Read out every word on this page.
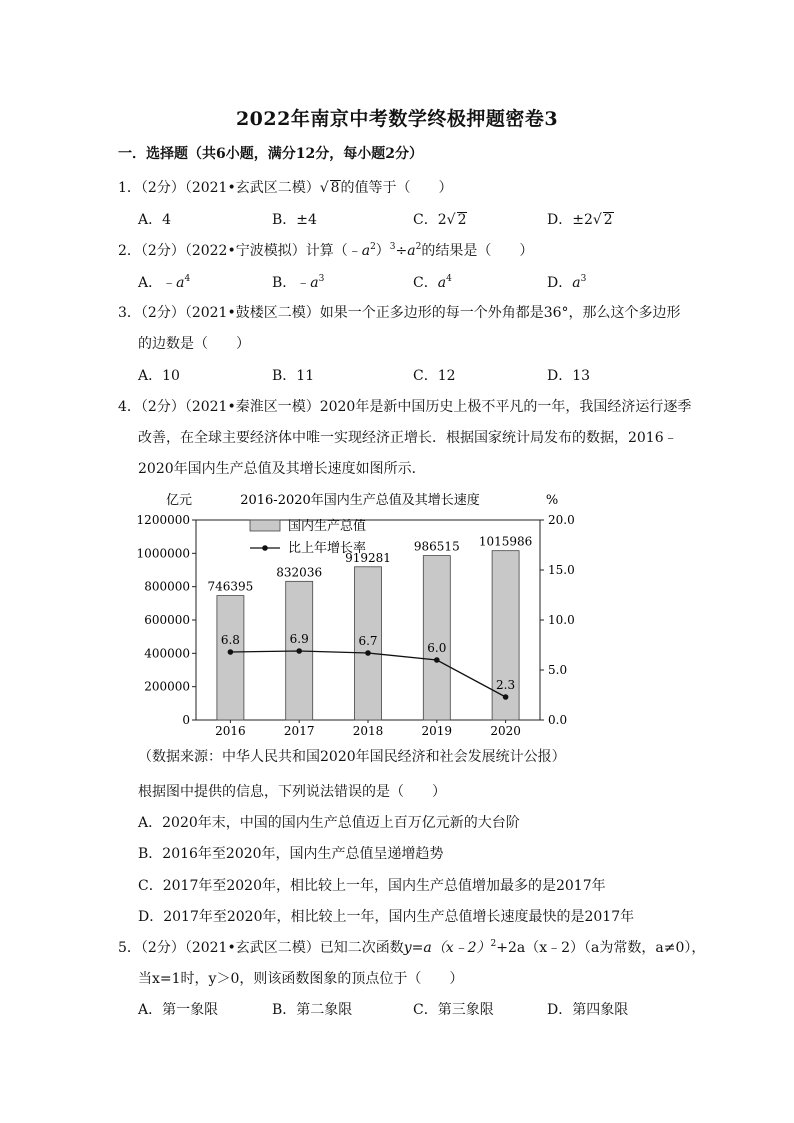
2022年南京中考数学终极押题密卷3
一．选择题（共6小题，满分12分，每小题2分）
1．（2分）（2021•玄武区二模）√ 8的值等于（　　）
A．4	B．±4	C．2√ 2	D．±2√ 2
2．（2分）（2022•宁波模拟）计算$(﹣a^2)^3\div a^2$的结果是（　　）
A．$﹣a^4$	B．$﹣a^3$	C．$a^4$	D．$a^3$
3．（2分）（2021•鼓楼区二模）如果一个正多边形的每一个外角都是36°，那么这个多边形
的边数是（　　）
A．10	B．11	C．12	D．13
4．（2分）（2021•秦淮区一模）2020年是新中国历史上极不平凡的一年，我国经济运行逐季
改善，在全球主要经济体中唯一实现经济正增长．根据国家统计局发布的数据，2016﹣
2020年国内生产总值及其增长速度如图所示．
亿元	2016-2020年国内生产总值及其增长速度	%
0
200000
400000
600000
800000
1000000
1200000
0.0
5.0
10.0
15.0
20.0
2016	2017	2018	2019	2020
746395
832036
919281
986515 1015986
6.8	6.9	6.7	6.0
2.3
国内生产总值
比上年增长率
（数据来源：中华人民共和国2020年国民经济和社会发展统计公报）
根据图中提供的信息，下列说法错误的是（　　）
A．2020年末，中国的国内生产总值迈上百万亿元新的大台阶
B．2016年至2020年，国内生产总值呈递增趋势
C．2017年至2020年，相比较上一年，国内生产总值增加最多的是2017年
D．2017年至2020年，相比较上一年，国内生产总值增长速度最快的是2017年
5．（2分）（2021•玄武区二模）已知二次函数y=a（x﹣2）$^2$+2a（x﹣2）（a为常数，a≠0），
当x=1时，y＞0，则该函数图象的顶点位于（　　）
A．第一象限	B．第二象限	C．第三象限	D．第四象限
